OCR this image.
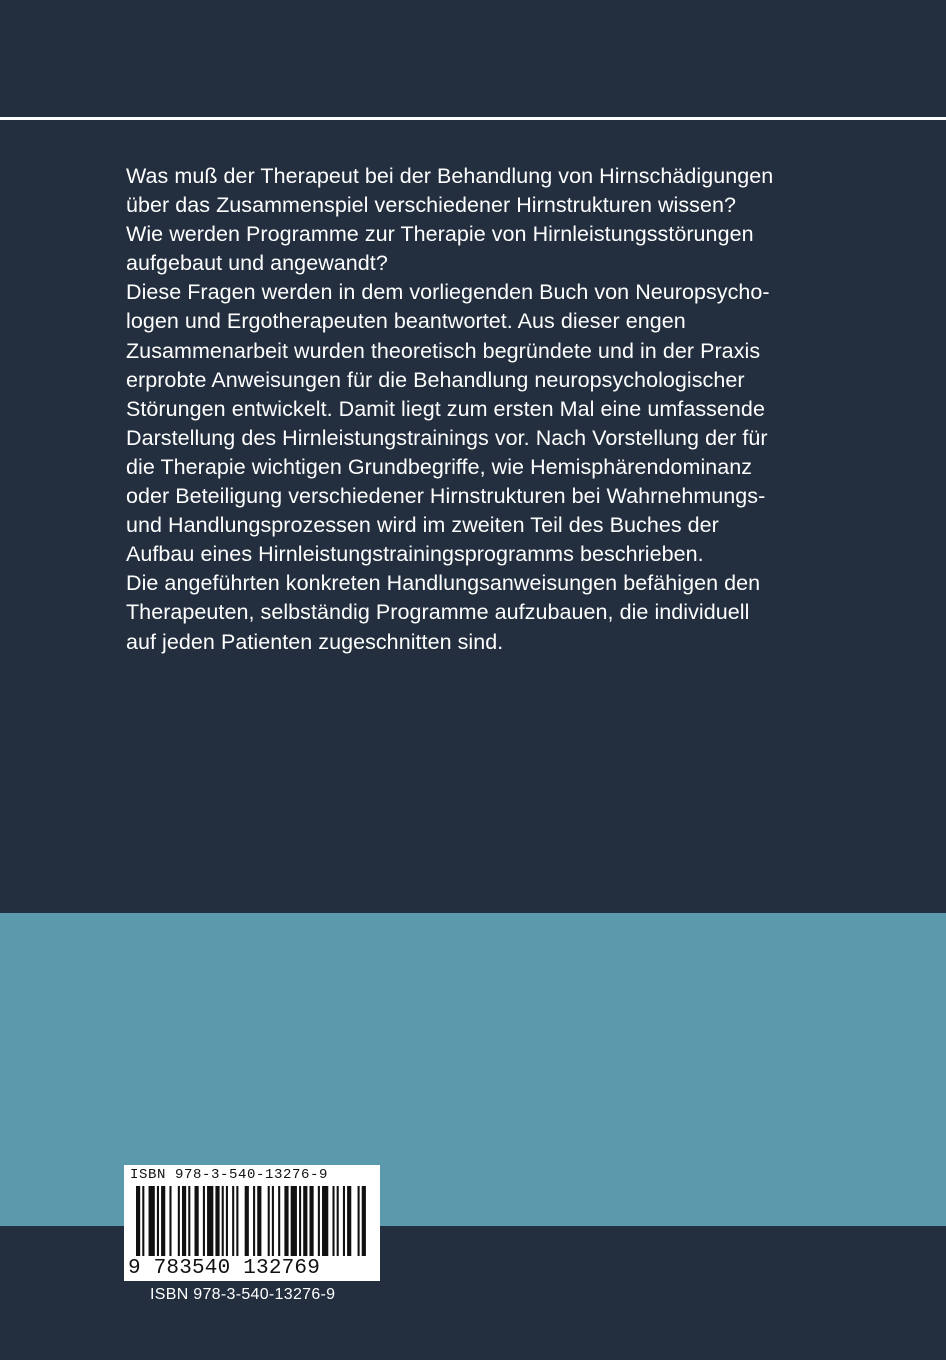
Was muß der Therapeut bei der Behandlung von Hirnschädigungen
über das Zusammenspiel verschiedener Hirnstrukturen wissen?
Wie werden Programme zur Therapie von Hirnleistungsstörungen
aufgebaut und angewandt?
Diese Fragen werden in dem vorliegenden Buch von Neuropsycho-
logen und Ergotherapeuten beantwortet. Aus dieser engen
Zusammenarbeit wurden theoretisch begründete und in der Praxis
erprobte Anweisungen für die Behandlung neuropsychologischer
Störungen entwickelt. Damit liegt zum ersten Mal eine umfassende
Darstellung des Hirnleistungstrainings vor. Nach Vorstellung der für
die Therapie wichtigen Grundbegriffe, wie Hemisphärendominanz
oder Beteiligung verschiedener Hirnstrukturen bei Wahrnehmungs-
und Handlungsprozessen wird im zweiten Teil des Buches der
Aufbau eines Hirnleistungstrainingsprogramms beschrieben.
Die angeführten konkreten Handlungsanweisungen befähigen den
Therapeuten, selbständig Programme aufzubauen, die individuell
auf jeden Patienten zugeschnitten sind.
ISBN 978-3-540-13276-9
9 783540 132769
ISBN 978-3-540-13276-9
